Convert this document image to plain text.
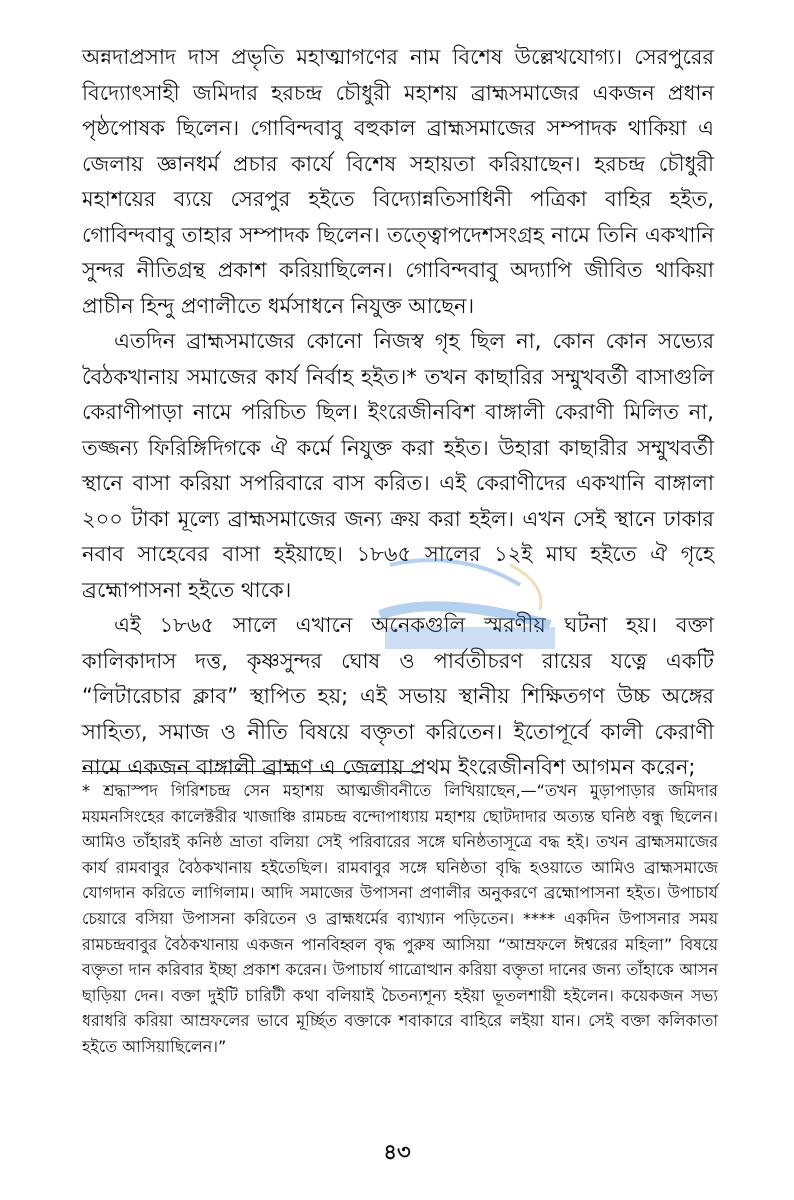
অন্নদাপ্রসাদ দাস প্রভৃতি মহাত্মাগণের নাম বিশেষ উল্লেখযোগ্য। সেরপুরের বিদ্যোৎসাহী জমিদার হরচন্দ্র চৌধুরী মহাশয় ব্রাহ্মসমাজের একজন প্রধান পৃষ্ঠপোষক ছিলেন। গোবিন্দবাবু বহুকাল ব্রাহ্মসমাজের সম্পাদক থাকিয়া এ জেলায় জ্ঞানধর্ম প্রচার কার্যে বিশেষ সহায়তা করিয়াছেন। হরচন্দ্র চৌধুরী মহাশয়ের ব্যয়ে সেরপুর হইতে বিদ্যোন্নতিসাধিনী পত্রিকা বাহির হইত, গোবিন্দবাবু তাহার সম্পাদক ছিলেন। তত্ত্বোপদেশসংগ্রহ নামে তিনি একখানি সুন্দর নীতিগ্রন্থ প্রকাশ করিয়াছিলেন। গোবিন্দবাবু অদ্যাপি জীবিত থাকিয়া প্রাচীন হিন্দু প্রণালীতে ধর্মসাধনে নিযুক্ত আছেন।

এতদিন ব্রাহ্মসমাজের কোনো নিজস্ব গৃহ ছিল না, কোন কোন সভ্যের বৈঠকখানায় সমাজের কার্য নির্বাহ হইত।* তখন কাছারির সম্মুখবর্তী বাসাগুলি কেরাণীপাড়া নামে পরিচিত ছিল। ইংরেজীনবিশ বাঙ্গালী কেরাণী মিলিত না, তজ্জন্য ফিরিঙ্গিদিগকে ঐ কর্মে নিযুক্ত করা হইত। উহারা কাছারীর সম্মুখবর্তী স্থানে বাসা করিয়া সপরিবারে বাস করিত। এই কেরাণীদের একখানি বাঙ্গালা ২০০ টাকা মূল্যে ব্রাহ্মসমাজের জন্য ক্রয় করা হইল। এখন সেই স্থানে ঢাকার নবাব সাহেবের বাসা হইয়াছে। ১৮৬৫ সালের ১২ই মাঘ হইতে ঐ গৃহে ব্রহ্মোপাসনা হইতে থাকে।

এই ১৮৬৫ সালে এখানে অনেকগুলি স্মরণীয় ঘটনা হয়। বক্তা কালিকাদাস দত্ত, কৃষ্ণসুন্দর ঘোষ ও পার্বতীচরণ রায়ের যত্নে একটি “লিটারেচার ক্লাব” স্থাপিত হয়; এই সভায় স্থানীয় শিক্ষিতগণ উচ্চ অঙ্গের সাহিত্য, সমাজ ও নীতি বিষয়ে বক্তৃতা করিতেন। ইতোপূর্বে কালী কেরাণী নামে একজন বাঙ্গালী ব্রাহ্মণ এ জেলায় প্রথম ইংরেজীনবিশ আগমন করেন;

* শ্রদ্ধাস্পদ গিরিশচন্দ্র সেন মহাশয় আত্মজীবনীতে লিখিয়াছেন,—“তখন মুড়াপাড়ার জমিদার ময়মনসিংহের কালেক্টরীর খাজাঞ্চি রামচন্দ্র বন্দোপাধ্যায় মহাশয় ছোটদাদার অত্যন্ত ঘনিষ্ঠ বন্ধু ছিলেন। আমিও তাঁহারই কনিষ্ঠ ভ্রাতা বলিয়া সেই পরিবারের সঙ্গে ঘনিষ্ঠতাসূত্রে বদ্ধ হই। তখন ব্রাহ্মসমাজের কার্য রামবাবুর বৈঠকখানায় হইতেছিল। রামবাবুর সঙ্গে ঘনিষ্ঠতা বৃদ্ধি হওয়াতে আমিও ব্রাহ্মসমাজে যোগদান করিতে লাগিলাম। আদি সমাজের উপাসনা প্রণালীর অনুকরণে ব্রহ্মোপাসনা হইত। উপাচার্য চেয়ারে বসিয়া উপাসনা করিতেন ও ব্রাহ্মধর্মের ব্যাখ্যান পড়িতেন। **** একদিন উপাসনার সময় রামচন্দ্রবাবুর বৈঠকখানায় একজন পানবিহ্বল বৃদ্ধ পুরুষ আসিয়া “আম্রফলে ঈশ্বরের মহিলা” বিষয়ে বক্তৃতা দান করিবার ইচ্ছা প্রকাশ করেন। উপাচার্য গাত্রোত্থান করিয়া বক্তৃতা দানের জন্য তাঁহাকে আসন ছাড়িয়া দেন। বক্তা দুইটি চারিটী কথা বলিয়াই চৈতন্যশূন্য হইয়া ভূতলশায়ী হইলেন। কয়েকজন সভ্য ধরাধরি করিয়া আম্রফলের ভাবে মূর্চ্ছিত বক্তাকে শবাকারে বাহিরে লইয়া যান। সেই বক্তা কলিকাতা হইতে আসিয়াছিলেন।”

৪৩
